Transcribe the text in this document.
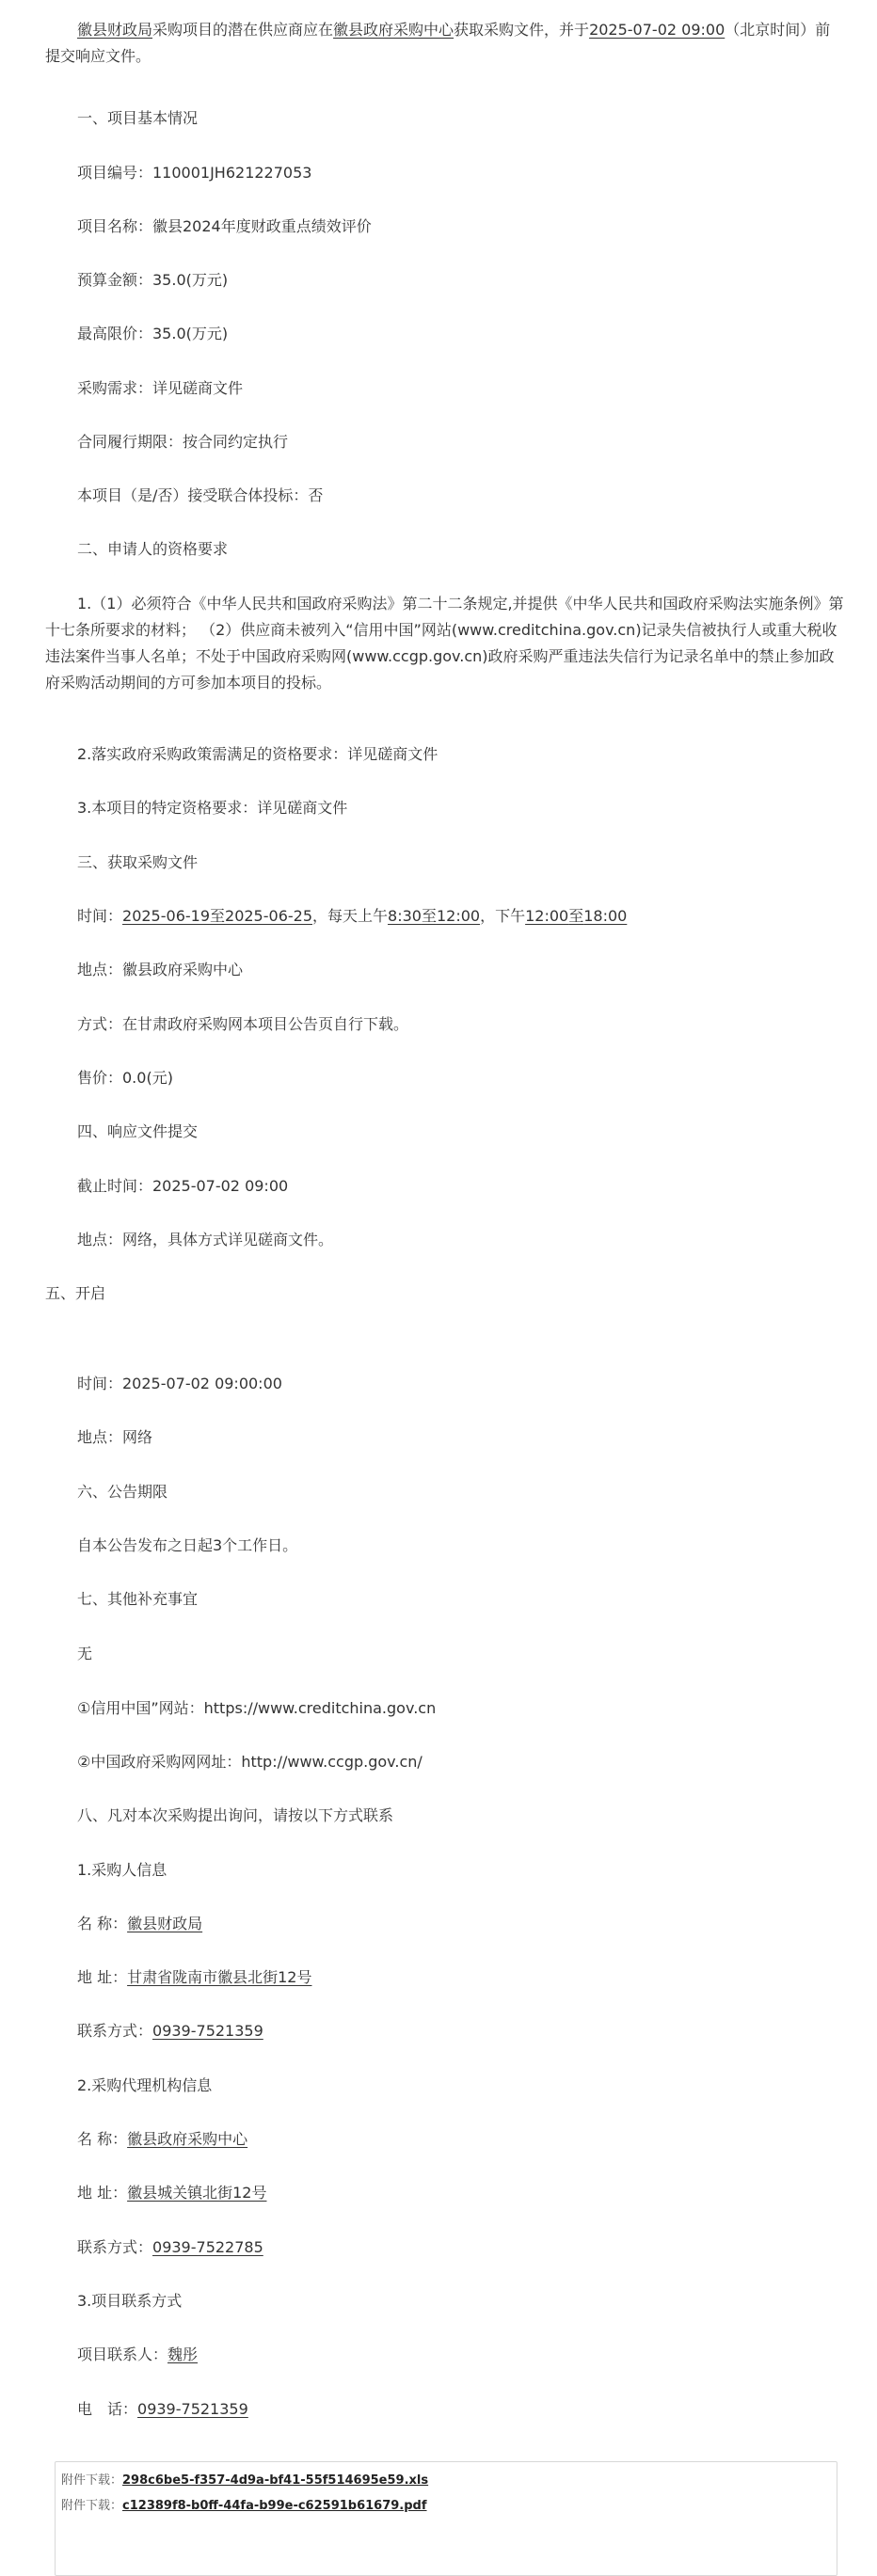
徽县财政局采购项目的潜在供应商应在徽县政府采购中心获取采购文件，并于2025-07-02 09:00（北京时间）前提交响应文件。

一、项目基本情况

项目编号：110001JH621227053

项目名称：徽县2024年度财政重点绩效评价

预算金额：35.0(万元)

最高限价：35.0(万元)

采购需求：详见磋商文件

合同履行期限：按合同约定执行

本项目（是/否）接受联合体投标：否

二、申请人的资格要求

1.（1）必须符合《中华人民共和国政府采购法》第二十二条规定,并提供《中华人民共和国政府采购法实施条例》第十七条所要求的材料； （2）供应商未被列入“信用中国”网站(www.creditchina.gov.cn)记录失信被执行人或重大税收违法案件当事人名单；不处于中国政府采购网(www.ccgp.gov.cn)政府采购严重违法失信行为记录名单中的禁止参加政府采购活动期间的方可参加本项目的投标。

2.落实政府采购政策需满足的资格要求：详见磋商文件

3.本项目的特定资格要求：详见磋商文件

三、获取采购文件

时间：2025-06-19至2025-06-25，每天上午8:30至12:00，下午12:00至18:00

地点：徽县政府采购中心

方式：在甘肃政府采购网本项目公告页自行下载。

售价：0.0(元)

四、响应文件提交

截止时间：2025-07-02 09:00

地点：网络，具体方式详见磋商文件。

五、开启

时间：2025-07-02 09:00:00

地点：网络

六、公告期限

自本公告发布之日起3个工作日。

七、其他补充事宜

无

①信用中国”网站：https://www.creditchina.gov.cn

②中国政府采购网网址：http://www.ccgp.gov.cn/

八、凡对本次采购提出询问，请按以下方式联系

1.采购人信息

名 称：徽县财政局

地 址：甘肃省陇南市徽县北街12号

联系方式：0939-7521359

2.采购代理机构信息

名 称：徽县政府采购中心

地 址：徽县城关镇北街12号

联系方式：0939-7522785

3.项目联系方式

项目联系人：魏彤

电　话：0939-7521359

附件下载：298c6be5-f357-4d9a-bf41-55f514695e59.xls
附件下载：c12389f8-b0ff-44fa-b99e-c62591b61679.pdf
